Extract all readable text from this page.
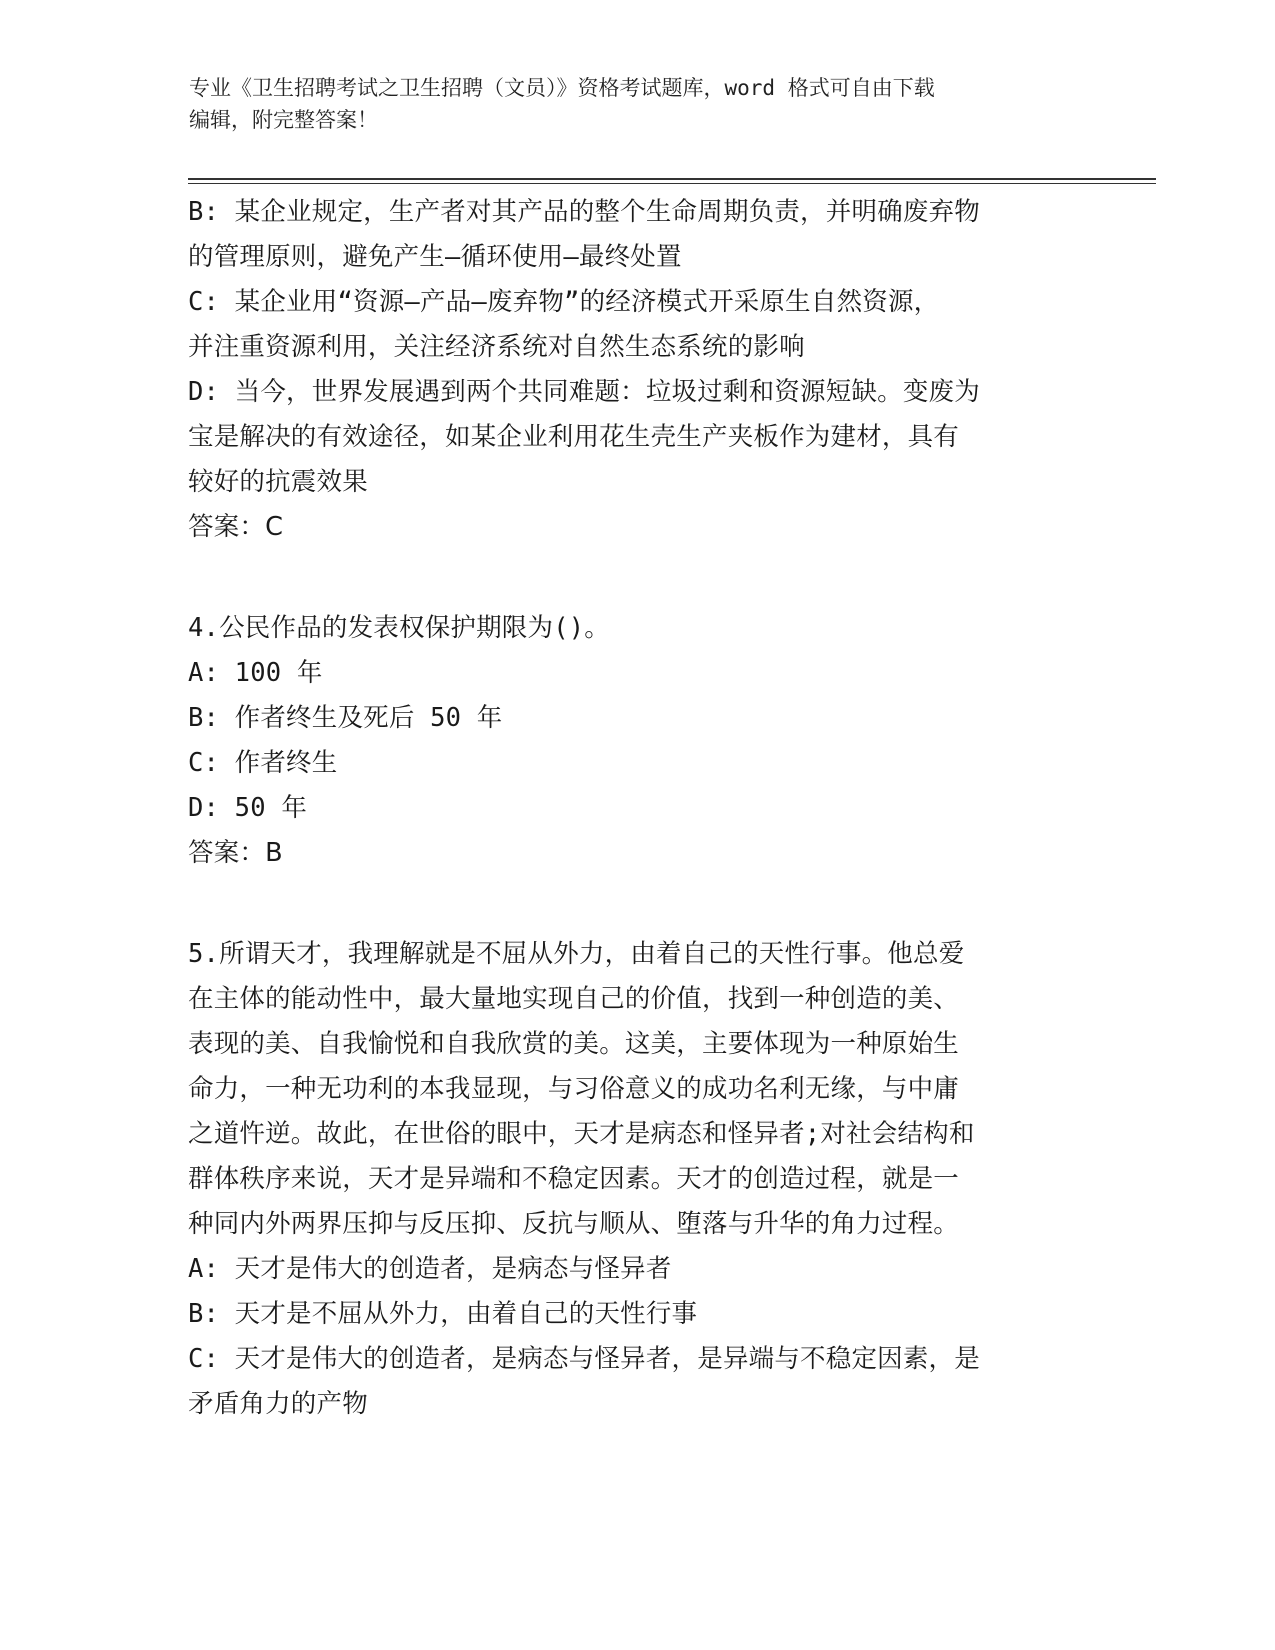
专业《卫生招聘考试之卫生招聘（文员）》资格考试题库，word 格式可自由下载
编辑，附完整答案！

B: 某企业规定，生产者对其产品的整个生命周期负责，并明确废弃物

的管理原则，避免产生—循环使用—最终处置

C: 某企业用“资源—产品—废弃物”的经济模式开采原生自然资源，

并注重资源利用，关注经济系统对自然生态系统的影响

D: 当今，世界发展遇到两个共同难题：垃圾过剩和资源短缺。变废为

宝是解决的有效途径，如某企业利用花生壳生产夹板作为建材，具有

较好的抗震效果

答案：C

4.公民作品的发表权保护期限为()。

A: 100 年

B: 作者终生及死后 50 年

C: 作者终生

D: 50 年

答案：B

5.所谓天才，我理解就是不屈从外力，由着自己的天性行事。他总爱

在主体的能动性中，最大量地实现自己的价值，找到一种创造的美、

表现的美、自我愉悦和自我欣赏的美。这美，主要体现为一种原始生

命力，一种无功利的本我显现，与习俗意义的成功名利无缘，与中庸

之道忤逆。故此，在世俗的眼中，天才是病态和怪异者;对社会结构和

群体秩序来说，天才是异端和不稳定因素。天才的创造过程，就是一

种同内外两界压抑与反压抑、反抗与顺从、堕落与升华的角力过程。

A: 天才是伟大的创造者，是病态与怪异者

B: 天才是不屈从外力，由着自己的天性行事

C: 天才是伟大的创造者，是病态与怪异者，是异端与不稳定因素，是

矛盾角力的产物
